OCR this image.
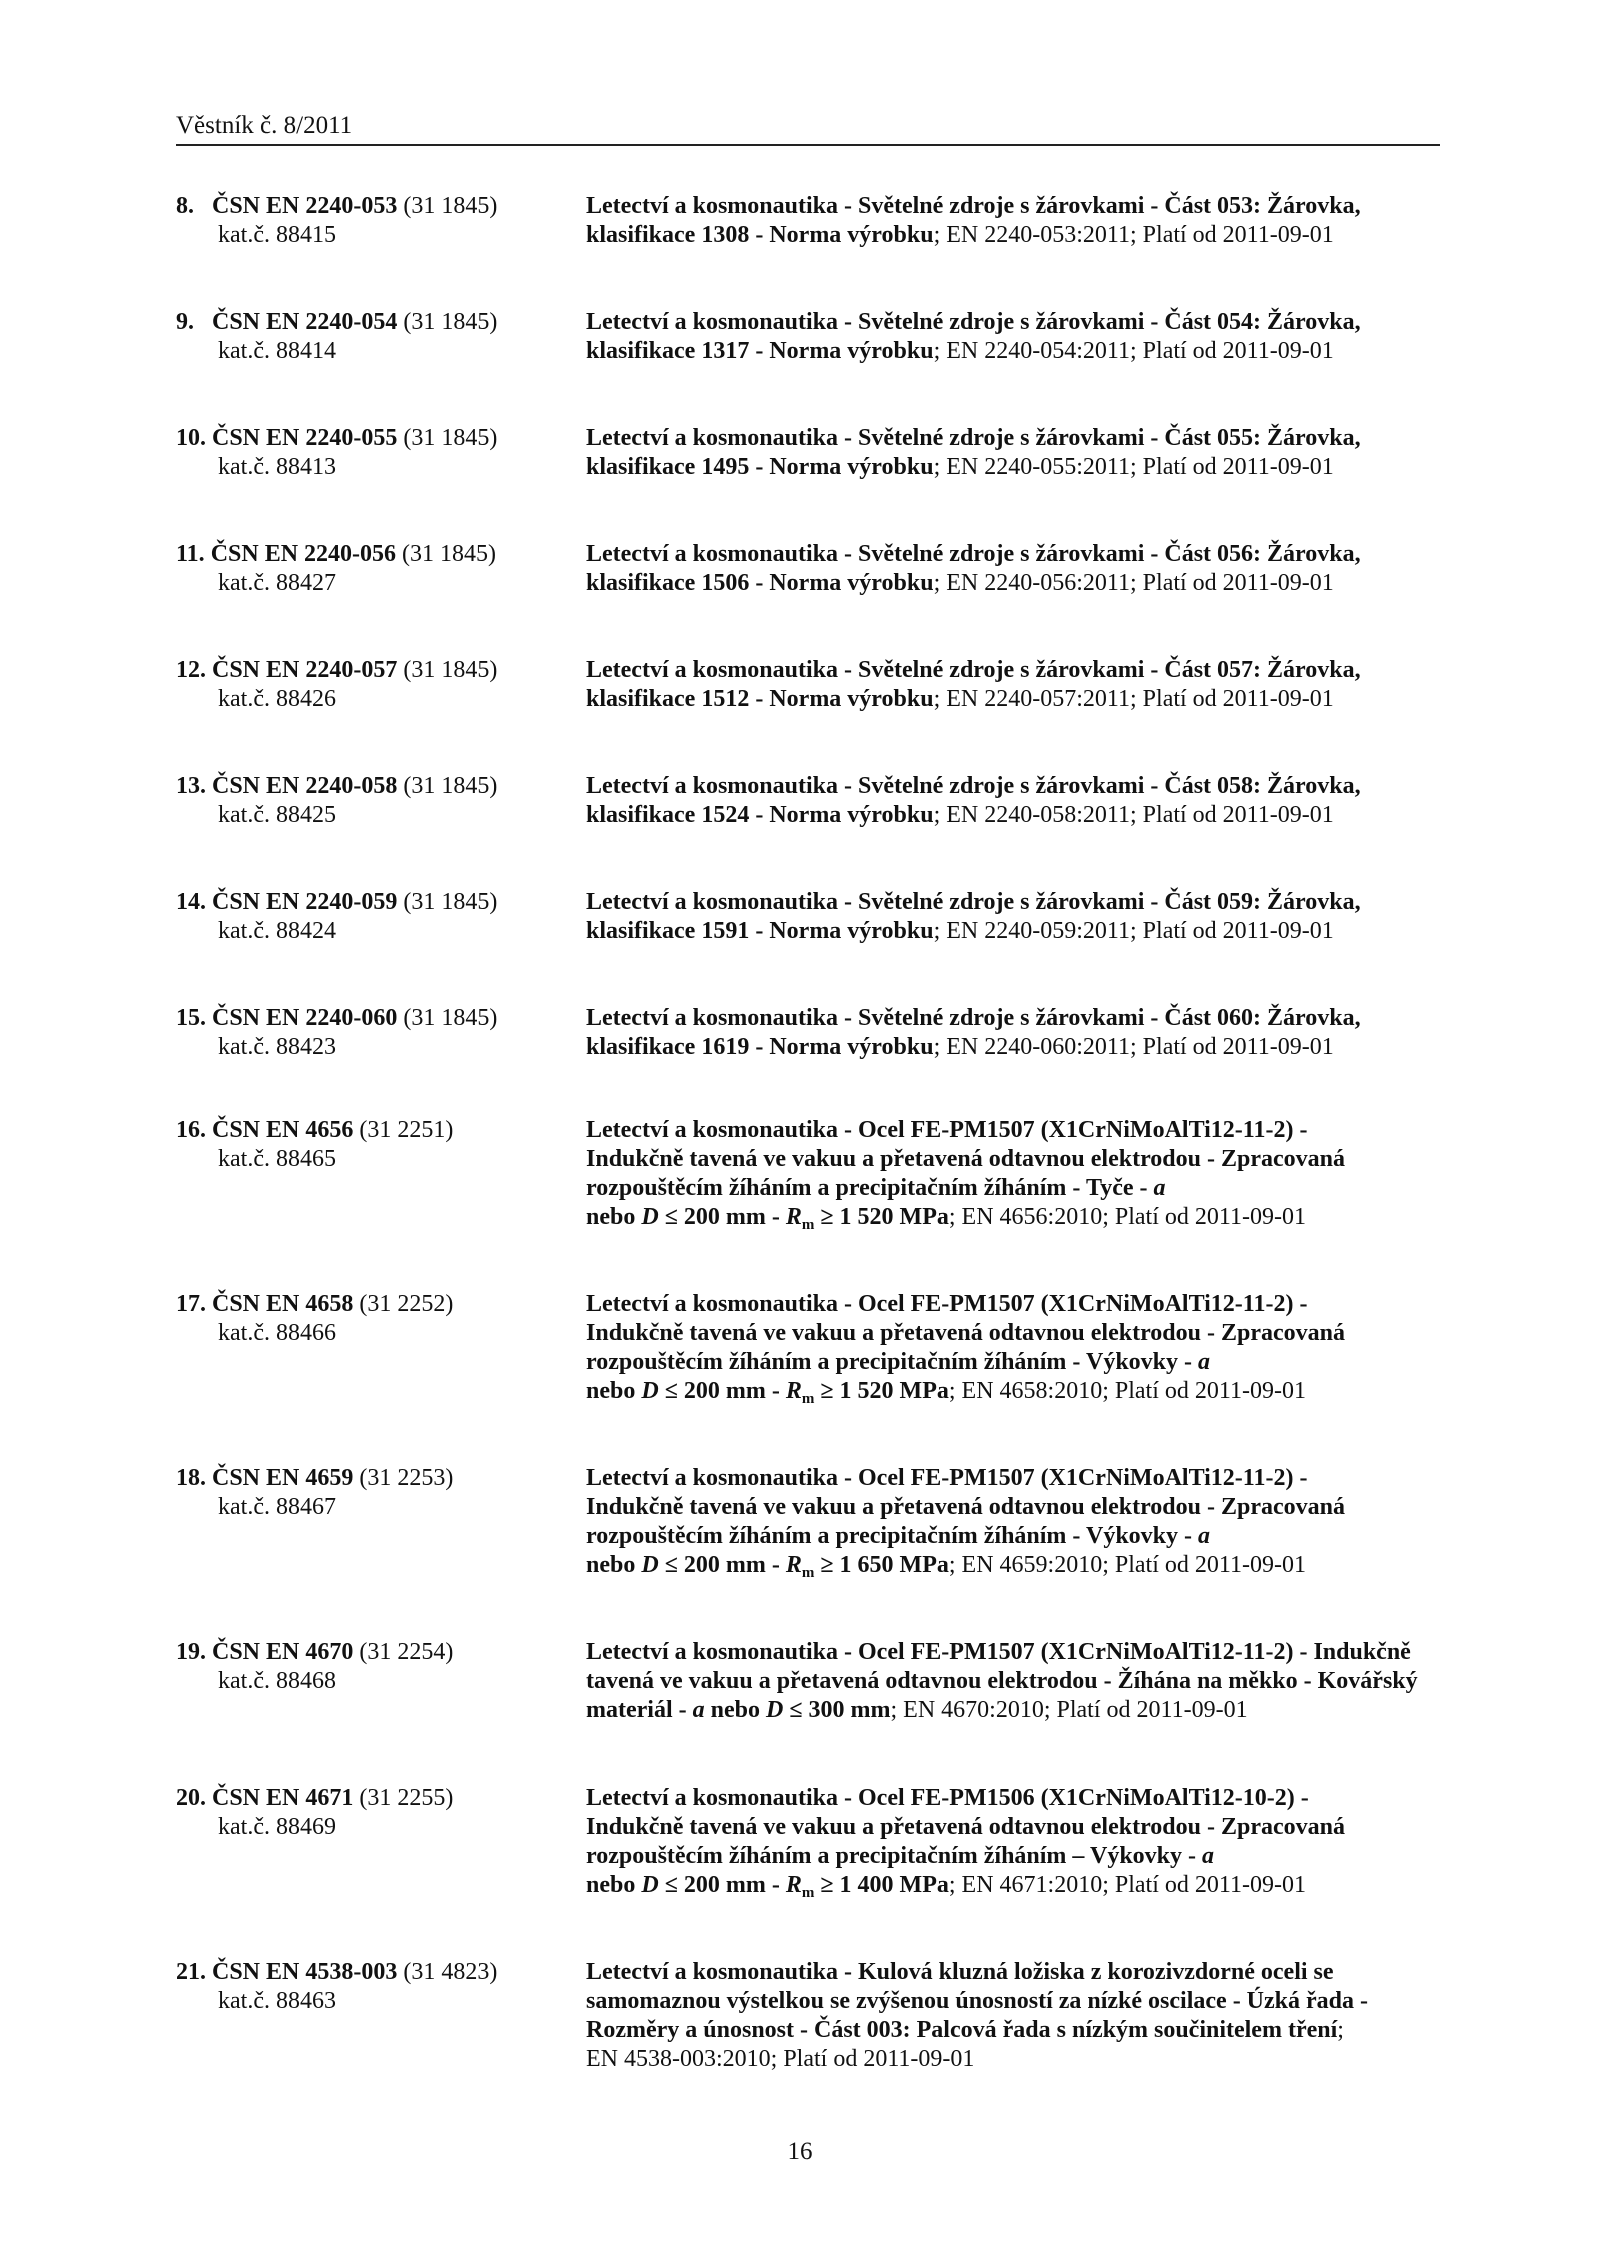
Věstník č. 8/2011
8. ČSN EN 2240-053 (31 1845)
kat.č. 88415
Letectví a kosmonautika - Světelné zdroje s žárovkami - Část 053: Žárovka,
klasifikace 1308 - Norma výrobku; EN 2240-053:2011; Platí od 2011-09-01
9. ČSN EN 2240-054 (31 1845)
kat.č. 88414
Letectví a kosmonautika - Světelné zdroje s žárovkami - Část 054: Žárovka,
klasifikace 1317 - Norma výrobku; EN 2240-054:2011; Platí od 2011-09-01
10. ČSN EN 2240-055 (31 1845)
kat.č. 88413
Letectví a kosmonautika - Světelné zdroje s žárovkami - Část 055: Žárovka,
klasifikace 1495 - Norma výrobku; EN 2240-055:2011; Platí od 2011-09-01
11. ČSN EN 2240-056 (31 1845)
kat.č. 88427
Letectví a kosmonautika - Světelné zdroje s žárovkami - Část 056: Žárovka,
klasifikace 1506 - Norma výrobku; EN 2240-056:2011; Platí od 2011-09-01
12. ČSN EN 2240-057 (31 1845)
kat.č. 88426
Letectví a kosmonautika - Světelné zdroje s žárovkami - Část 057: Žárovka,
klasifikace 1512 - Norma výrobku; EN 2240-057:2011; Platí od 2011-09-01
13. ČSN EN 2240-058 (31 1845)
kat.č. 88425
Letectví a kosmonautika - Světelné zdroje s žárovkami - Část 058: Žárovka,
klasifikace 1524 - Norma výrobku; EN 2240-058:2011; Platí od 2011-09-01
14. ČSN EN 2240-059 (31 1845)
kat.č. 88424
Letectví a kosmonautika - Světelné zdroje s žárovkami - Část 059: Žárovka,
klasifikace 1591 - Norma výrobku; EN 2240-059:2011; Platí od 2011-09-01
15. ČSN EN 2240-060 (31 1845)
kat.č. 88423
Letectví a kosmonautika - Světelné zdroje s žárovkami - Část 060: Žárovka,
klasifikace 1619 - Norma výrobku; EN 2240-060:2011; Platí od 2011-09-01
16. ČSN EN 4656 (31 2251)
kat.č. 88465
Letectví a kosmonautika - Ocel FE-PM1507 (X1CrNiMoAlTi12-11-2) -
Indukčně tavená ve vakuu a přetavená odtavnou elektrodou - Zpracovaná
rozpouštěcím žíháním a precipitačním žíháním - Tyče - a
nebo D ≤ 200 mm - $R_m \ge 1$ 520 MPa; EN 4656:2010; Platí od 2011-09-01
17. ČSN EN 4658 (31 2252)
kat.č. 88466
Letectví a kosmonautika - Ocel FE-PM1507 (X1CrNiMoAlTi12-11-2) -
Indukčně tavená ve vakuu a přetavená odtavnou elektrodou - Zpracovaná
rozpouštěcím žíháním a precipitačním žíháním - Výkovky - a
nebo D ≤ 200 mm - $R_m \ge 1$ 520 MPa; EN 4658:2010; Platí od 2011-09-01
18. ČSN EN 4659 (31 2253)
kat.č. 88467
Letectví a kosmonautika - Ocel FE-PM1507 (X1CrNiMoAlTi12-11-2) -
Indukčně tavená ve vakuu a přetavená odtavnou elektrodou - Zpracovaná
rozpouštěcím žíháním a precipitačním žíháním - Výkovky - a
nebo D ≤ 200 mm - $R_m \ge 1$ 650 MPa; EN 4659:2010; Platí od 2011-09-01
19. ČSN EN 4670 (31 2254)
kat.č. 88468
Letectví a kosmonautika - Ocel FE-PM1507 (X1CrNiMoAlTi12-11-2) - Indukčně
tavená ve vakuu a přetavená odtavnou elektrodou - Žíhána na měkko - Kovářský
materiál - a nebo D ≤ 300 mm; EN 4670:2010; Platí od 2011-09-01
20. ČSN EN 4671 (31 2255)
kat.č. 88469
Letectví a kosmonautika - Ocel FE-PM1506 (X1CrNiMoAlTi12-10-2) -
Indukčně tavená ve vakuu a přetavená odtavnou elektrodou - Zpracovaná
rozpouštěcím žíháním a precipitačním žíháním – Výkovky - a
nebo D ≤ 200 mm - $R_m \ge 1$ 400 MPa; EN 4671:2010; Platí od 2011-09-01
21. ČSN EN 4538-003 (31 4823)
kat.č. 88463
Letectví a kosmonautika - Kulová kluzná ložiska z korozivzdorné oceli se
samomaznou výstelkou se zvýšenou únosností za nízké oscilace - Úzká řada -
Rozměry a únosnost - Část 003: Palcová řada s nízkým součinitelem tření;
EN 4538-003:2010; Platí od 2011-09-01
16
